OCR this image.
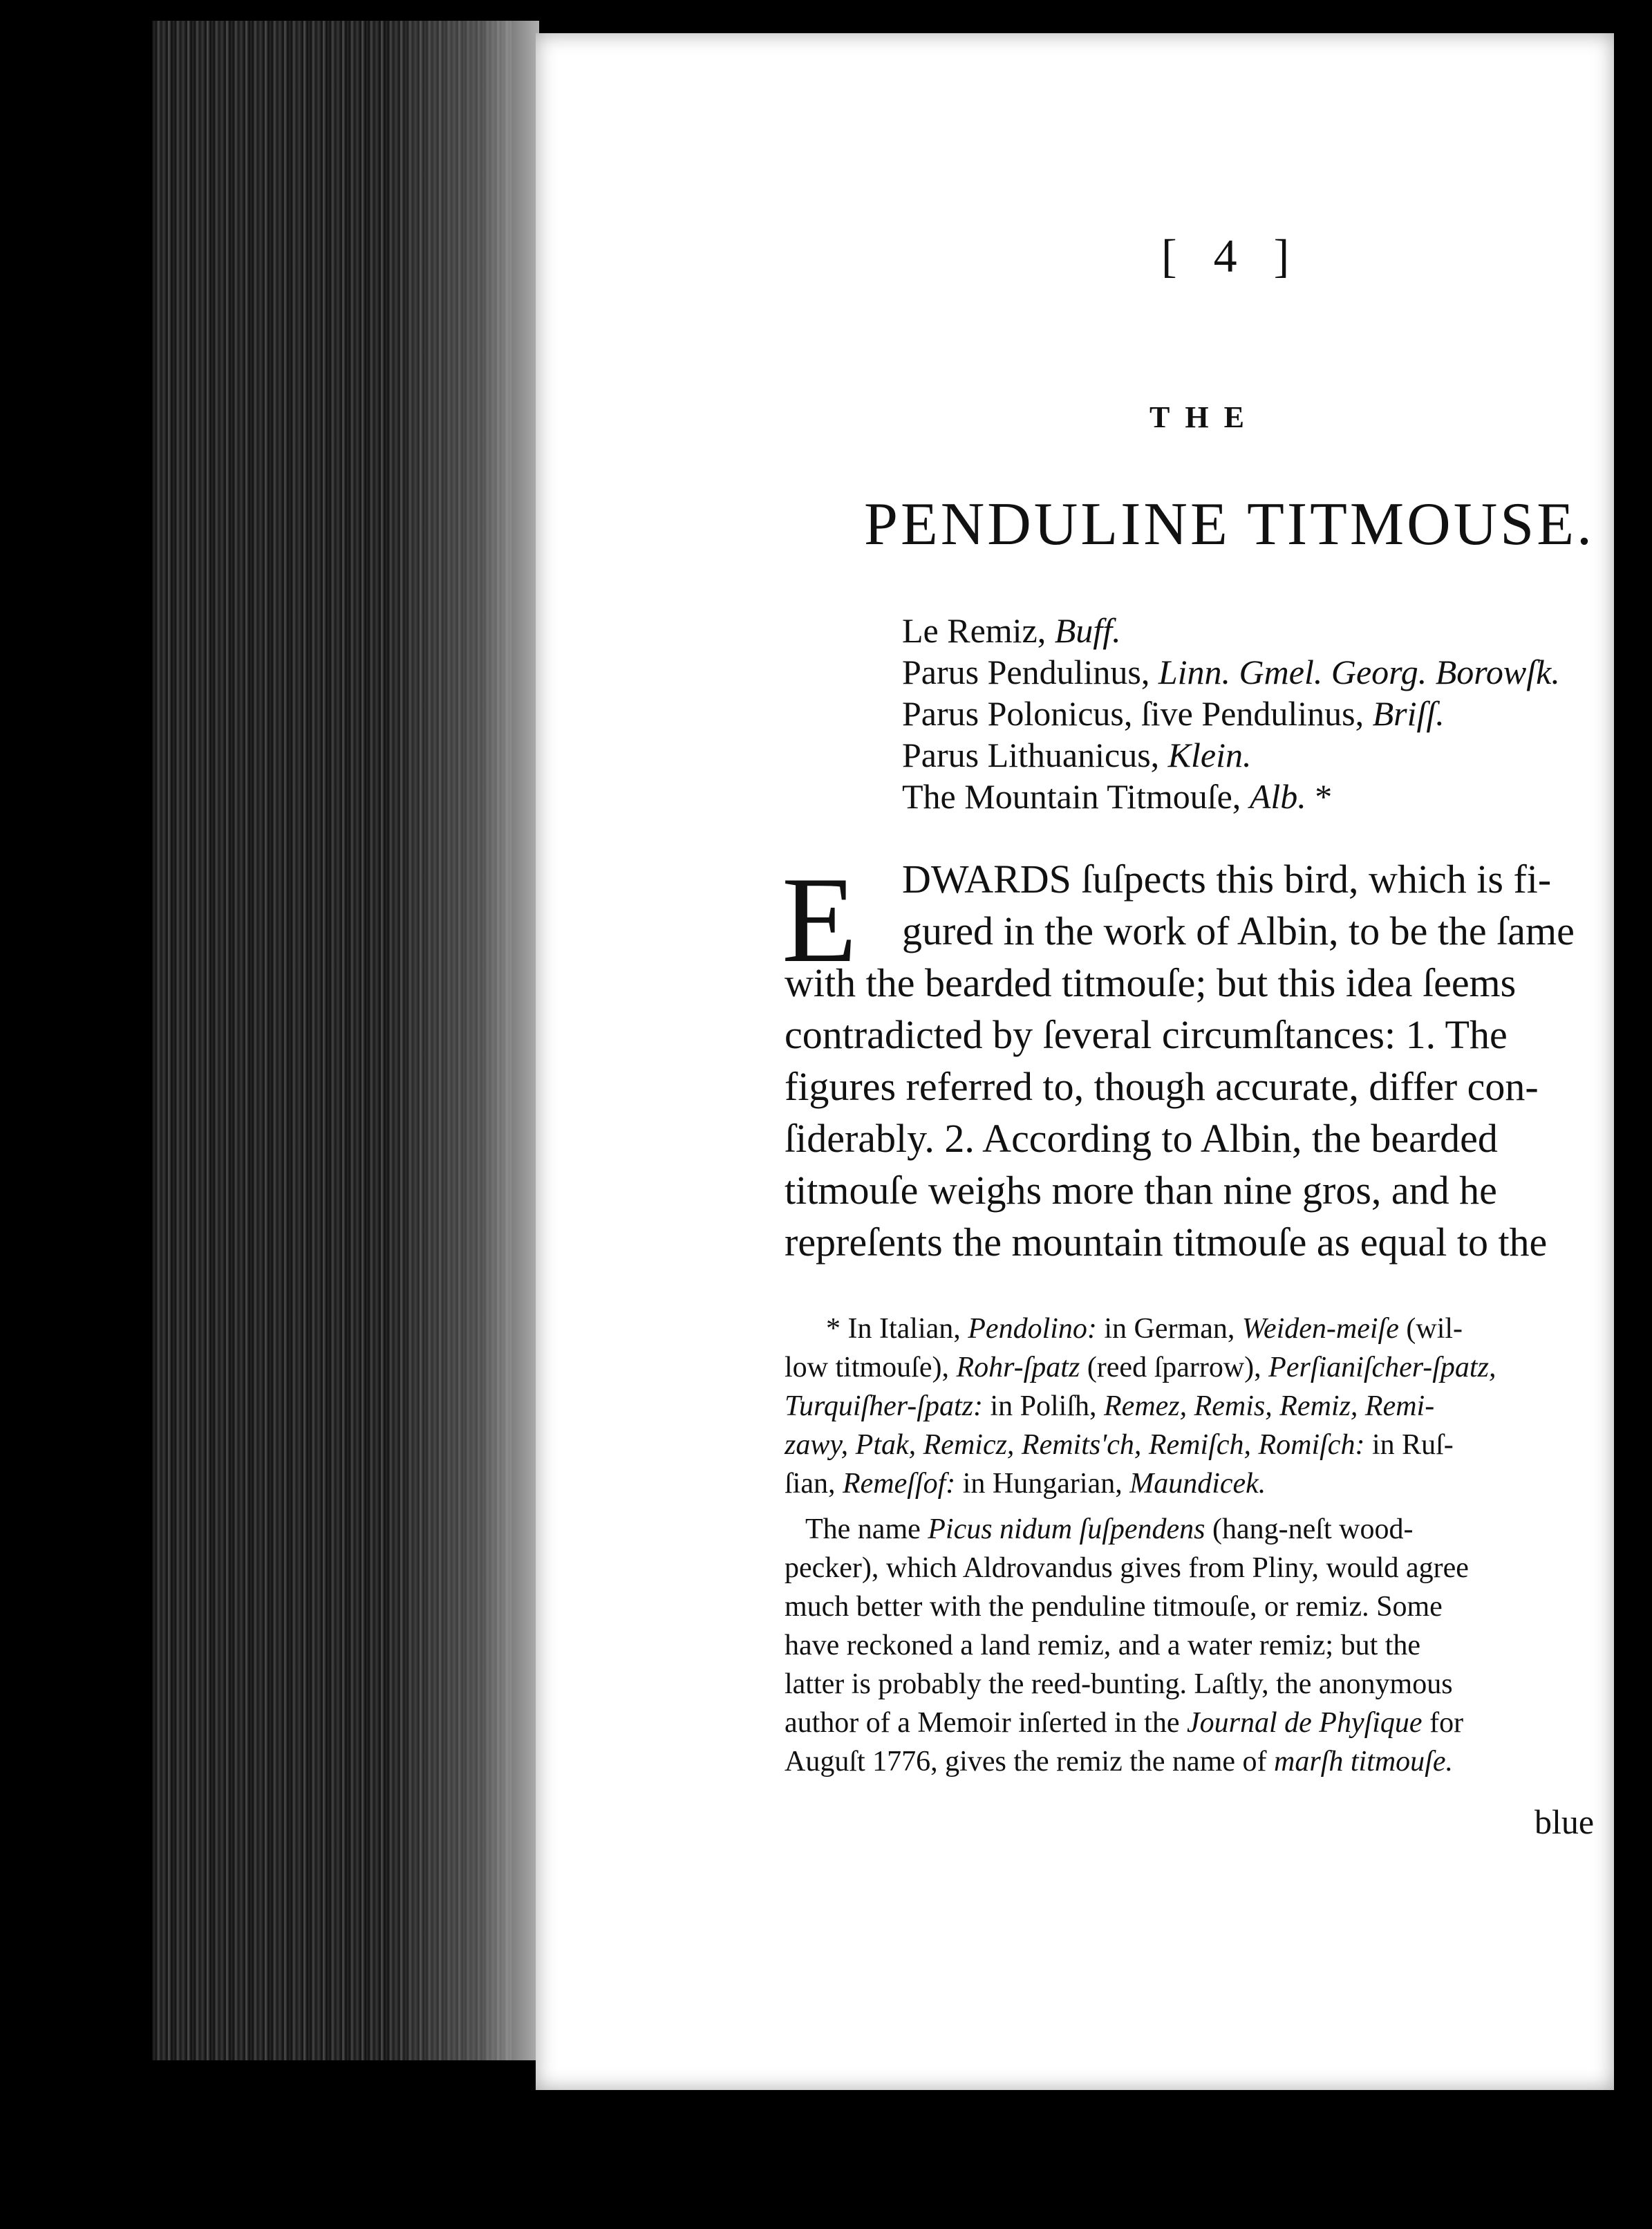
[ 4 ]
THE
PENDULINE TITMOUSE.
Le Remiz, Buff.
Parus Pendulinus, Linn. Gmel. Georg. Borowſk.
Parus Polonicus, ſive Pendulinus, Briſſ.
Parus Lithuanicus, Klein.
The Mountain Titmouſe, Alb. *
E DWARDS ſuſpects this bird, which is fi-
gured in the work of Albin, to be the ſame
with the bearded titmouſe; but this idea ſeems
contradicted by ſeveral circumſtances: 1. The
figures referred to, though accurate, differ con-
ſiderably. 2. According to Albin, the bearded
titmouſe weighs more than nine gros, and he
repreſents the mountain titmouſe as equal to the
* In Italian, Pendolino: in German, Weiden-meiſe (wil-
low titmouſe), Rohr-ſpatz (reed ſparrow), Perſianiſcher-ſpatz,
Turquiſher-ſpatz: in Poliſh, Remez, Remis, Remiz, Remi-
zawy, Ptak, Remicz, Remits'ch, Remiſch, Romiſch: in Ruſ-
ſian, Remeſſof: in Hungarian, Maundicek.
The name Picus nidum ſuſpendens (hang-neſt wood-
pecker), which Aldrovandus gives from Pliny, would agree
much better with the penduline titmouſe, or remiz. Some
have reckoned a land remiz, and a water remiz; but the
latter is probably the reed-bunting. Laſtly, the anonymous
author of a Memoir inſerted in the Journal de Phyſique for
Auguſt 1776, gives the remiz the name of marſh titmouſe.
blue
